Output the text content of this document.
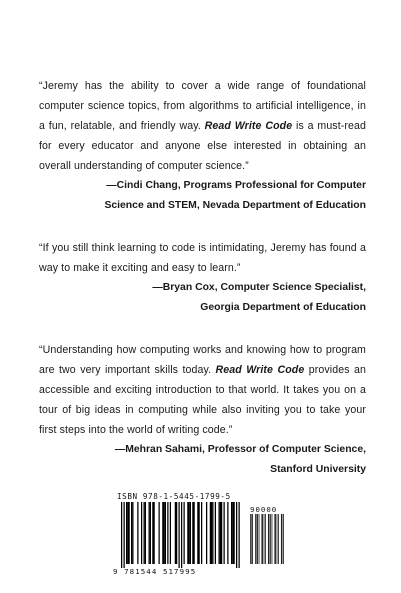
“Jeremy has the ability to cover a wide range of foundational computer science topics, from algorithms to artificial intelligence, in a fun, relatable, and friendly way. Read Write Code is a must-read for every educator and anyone else interested in obtaining an overall understanding of computer science.”

—Cindi Chang, Programs Professional for Computer
Science and STEM, Nevada Department of Education

“If you still think learning to code is intimidating, Jeremy has found a way to make it exciting and easy to learn.”

—Bryan Cox, Computer Science Specialist,
Georgia Department of Education

“Understanding how computing works and knowing how to program are two very important skills today. Read Write Code provides an accessible and exciting introduction to that world. It takes you on a tour of big ideas in computing while also inviting you to take your first steps into the world of writing code.”

—Mehran Sahami, Professor of Computer Science,
Stanford University

ISBN 978-1-5445-1799-5
90000
9 781544 517995
